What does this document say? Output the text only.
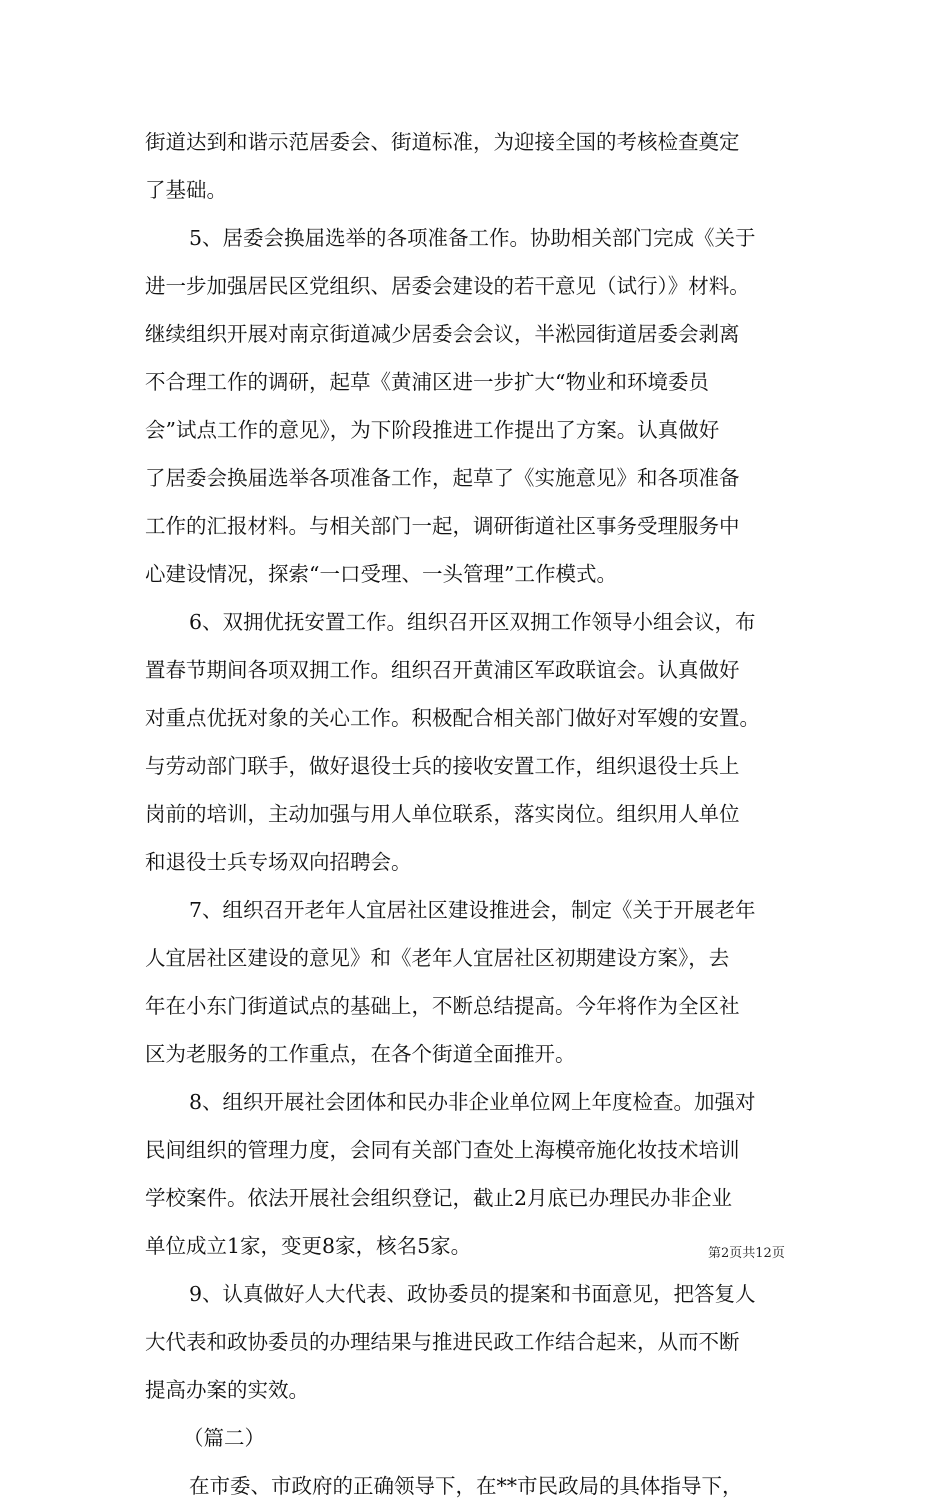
街道达到和谐示范居委会、街道标准，为迎接全国的考核检查奠定
了基础。
5、居委会换届选举的各项准备工作。协助相关部门完成《关于
进一步加强居民区党组织、居委会建设的若干意见（试行）》材料。
继续组织开展对南京街道减少居委会会议，半淞园街道居委会剥离
不合理工作的调研，起草《黄浦区进一步扩大“物业和环境委员
会”试点工作的意见》，为下阶段推进工作提出了方案。认真做好
了居委会换届选举各项准备工作，起草了《实施意见》和各项准备
工作的汇报材料。与相关部门一起，调研街道社区事务受理服务中
心建设情况，探索“一口受理、一头管理”工作模式。
6、双拥优抚安置工作。组织召开区双拥工作领导小组会议，布
置春节期间各项双拥工作。组织召开黄浦区军政联谊会。认真做好
对重点优抚对象的关心工作。积极配合相关部门做好对军嫂的安置。
与劳动部门联手，做好退役士兵的接收安置工作，组织退役士兵上
岗前的培训，主动加强与用人单位联系，落实岗位。组织用人单位
和退役士兵专场双向招聘会。
7、组织召开老年人宜居社区建设推进会，制定《关于开展老年
人宜居社区建设的意见》和《老年人宜居社区初期建设方案》，去
年在小东门街道试点的基础上，不断总结提高。今年将作为全区社
区为老服务的工作重点，在各个街道全面推开。
8、组织开展社会团体和民办非企业单位网上年度检查。加强对
民间组织的管理力度，会同有关部门查处上海模帝施化妆技术培训
学校案件。依法开展社会组织登记，截止2月底已办理民办非企业
单位成立1家，变更8家，核名5家。
9、认真做好人大代表、政协委员的提案和书面意见，把答复人
大代表和政协委员的办理结果与推进民政工作结合起来，从而不断
提高办案的实效。
（篇二）
在市委、市政府的正确领导下，在**市民政局的具体指导下，
第2页共12页
